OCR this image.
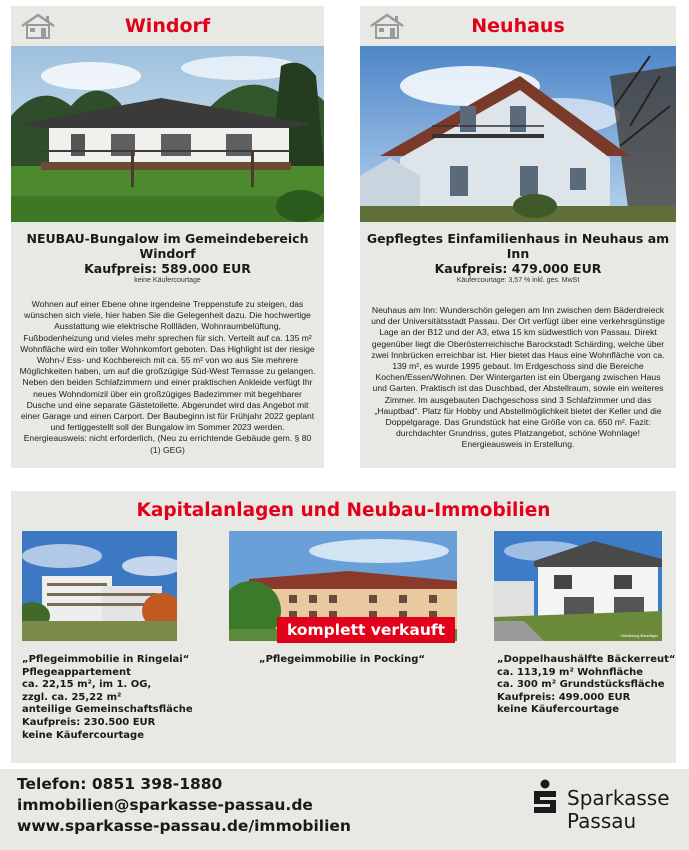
Windorf
NEUBAU-Bungalow im Gemeindebereich Windorf
Kaufpreis: 589.000 EUR
keine Käufercourtage
Wohnen auf einer Ebene ohne irgendeine Treppenstufe zu steigen, das wünschen sich viele, hier haben Sie die Gelegenheit dazu. Die hochwertige Ausstattung wie elektrische Rollläden, Wohnraumbelüftung, Fußbodenheizung und vieles mehr sprechen für sich. Verteilt auf ca. 135 m² Wohnfläche wird ein toller Wohnkomfort geboten. Das Highlight ist der riesige Wohn-/ Ess- und Kochbereich mit ca. 55 m² von wo aus Sie mehrere Möglichkeiten haben, um auf die großzügige Süd-West Terrasse zu gelangen. Neben den beiden Schlafzimmern und einer praktischen Ankleide verfügt Ihr neues Wohndomizil über ein großzügiges Badezimmer mit begehbarer Dusche und eine separate Gästetoilette. Abgerundet wird das Angebot mit einer Garage und einen Carport. Der Baubeginn ist für Frühjahr 2022 geplant und fertiggestellt soll der Bungalow im Sommer 2023 werden. Energieausweis: nicht erforderlich, (Neu zu errichtende Gebäude gem. § 80 (1) GEG)
Neuhaus
Gepflegtes Einfamilienhaus in Neuhaus am Inn
Kaufpreis: 479.000 EUR
Käufercourtage: 3,57 % inkl. ges. MwSt
Neuhaus am Inn: Wunderschön gelegen am Inn zwischen dem Bäderdreieck und der Universitätsstadt Passau. Der Ort verfügt über eine verkehrsgünstige Lage an der B12 und der A3, etwa 15 km südwestlich von Passau. Direkt gegenüber liegt die Oberösterreichische Barockstadt Schärding, welche über zwei Innbrücken erreichbar ist. Hier bietet das Haus eine Wohnfläche von ca. 139 m², es wurde 1995 gebaut. Im Erdgeschoss sind die Bereiche Kochen/Essen/Wohnen. Der Wintergarten ist ein Übergang zwischen Haus und Garten. Praktisch ist das Duschbad, der Abstellraum, sowie ein weiteres Zimmer. Im ausgebauten Dachgeschoss sind 3 Schlafzimmer und das „Hauptbad“. Platz für Hobby und Abstellmöglichkeit bietet der Keller und die Doppelgarage. Das Grundstück hat eine Größe von ca. 650 m². Fazit: durchdachter Grundriss, gutes Platzangebot, schöne Wohnlage! Energieausweis in Erstellung.
Kapitalanlagen und Neubau-Immobilien
komplett verkauft	*Abbildung Bauträger
„Pflegeimmobilie in Ringelai“
Pflegeappartement
ca. 22,15 m², im 1. OG,
zzgl. ca. 25,22 m²
anteilige Gemeinschaftsfläche
Kaufpreis: 230.500 EUR
keine Käufercourtage
„Pflegeimmobilie in Pocking“	„Doppelhaushälfte Bäckerreut“
ca. 113,19 m² Wohnfläche
ca. 300 m² Grundstücksfläche
Kaufpreis: 499.000 EUR
keine Käufercourtage
Telefon: 0851 398-1880
immobilien@sparkasse-passau.de
www.sparkasse-passau.de/immobilien
Sparkasse
Passau
